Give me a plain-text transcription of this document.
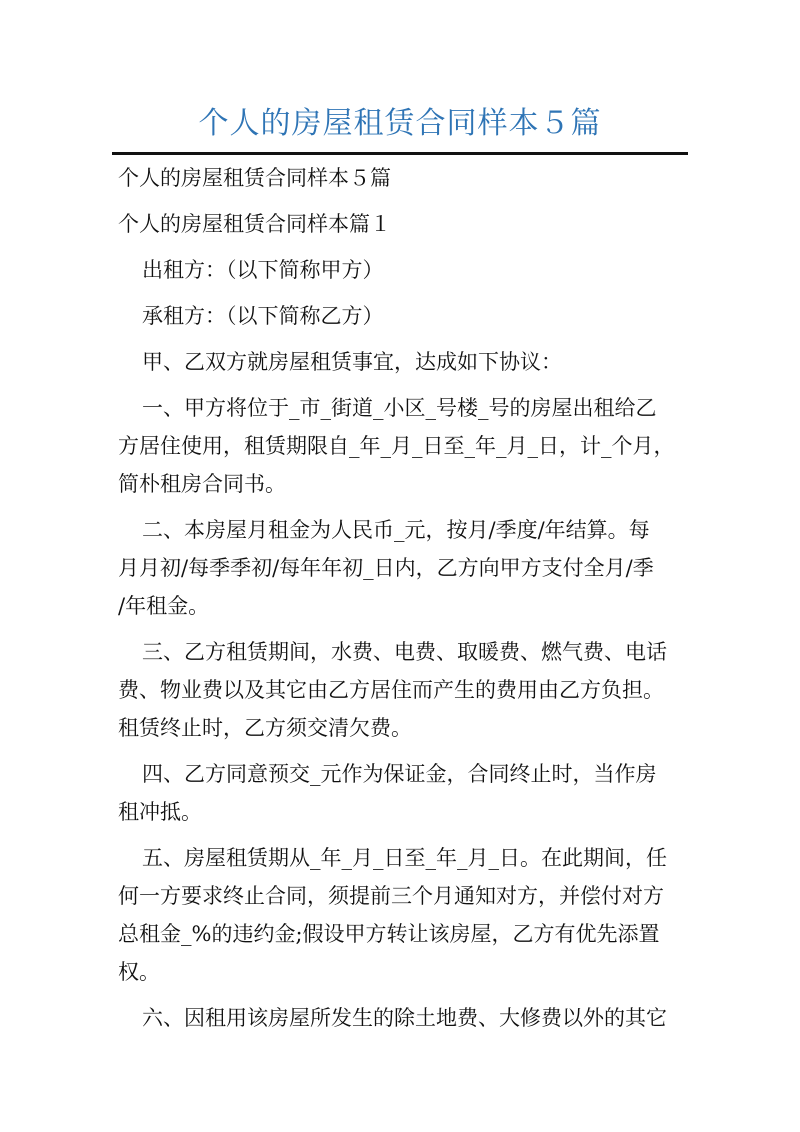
个人的房屋租赁合同样本５篇

个人的房屋租赁合同样本５篇

个人的房屋租赁合同样本篇１

出租方：（以下简称甲方）

承租方：（以下简称乙方）

甲、乙双方就房屋租赁事宜，达成如下协议：

一、甲方将位于_市_街道_小区_号楼_号的房屋出租给乙
方居住使用，租赁期限自_年_月_日至_年_月_日，计_个月，
简朴租房合同书。

二、本房屋月租金为人民币_元，按月/季度/年结算。每
月月初/每季季初/每年年初_日内，乙方向甲方支付全月/季
/年租金。

三、乙方租赁期间，水费、电费、取暖费、燃气费、电话
费、物业费以及其它由乙方居住而产生的费用由乙方负担。
租赁终止时，乙方须交清欠费。

四、乙方同意预交_元作为保证金，合同终止时，当作房
租冲抵。

五、房屋租赁期从_年_月_日至_年_月_日。在此期间，任
何一方要求终止合同，须提前三个月通知对方，并偿付对方
总租金_%的违约金;假设甲方转让该房屋，乙方有优先添置
权。

六、因租用该房屋所发生的除土地费、大修费以外的其它
